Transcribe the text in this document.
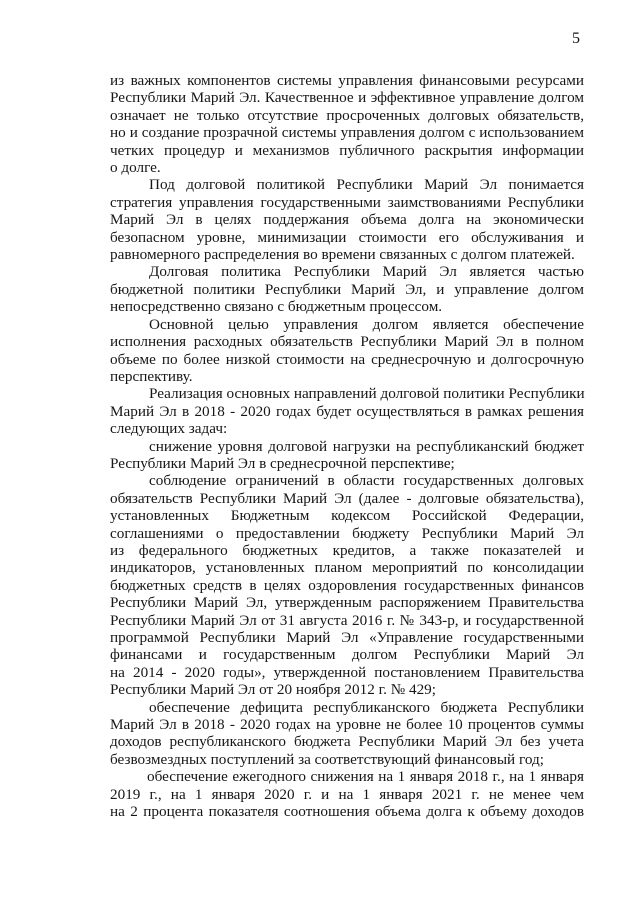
5
из важных компонентов системы управления финансовыми ресурсами
Республики Марий Эл. Качественное и эффективное управление долгом
означает не только отсутствие просроченных долговых обязательств,
но и создание прозрачной системы управления долгом с использованием
четких процедур и механизмов публичного раскрытия информации
о долге.
Под долговой политикой Республики Марий Эл понимается
стратегия управления государственными заимствованиями Республики
Марий Эл в целях поддержания объема долга на экономически
безопасном уровне, минимизации стоимости его обслуживания и
равномерного распределения во времени связанных с долгом платежей.
Долговая политика Республики Марий Эл является частью
бюджетной политики Республики Марий Эл, и управление долгом
непосредственно связано с бюджетным процессом.
Основной целью управления долгом является обеспечение
исполнения расходных обязательств Республики Марий Эл в полном
объеме по более низкой стоимости на среднесрочную и долгосрочную
перспективу.
Реализация основных направлений долговой политики Республики
Марий Эл в 2018 - 2020 годах будет осуществляться в рамках решения
следующих задач:
снижение уровня долговой нагрузки на республиканский бюджет
Республики Марий Эл в среднесрочной перспективе;
соблюдение ограничений в области государственных долговых
обязательств Республики Марий Эл (далее - долговые обязательства),
установленных Бюджетным кодексом Российской Федерации,
соглашениями о предоставлении бюджету Республики Марий Эл
из федерального бюджетных кредитов, а также показателей и
индикаторов, установленных планом мероприятий по консолидации
бюджетных средств в целях оздоровления государственных финансов
Республики Марий Эл, утвержденным распоряжением Правительства
Республики Марий Эл от 31 августа 2016 г. № 343-р, и государственной
программой Республики Марий Эл «Управление государственными
финансами и государственным долгом Республики Марий Эл
на 2014 - 2020 годы», утвержденной постановлением Правительства
Республики Марий Эл от 20 ноября 2012 г. № 429;
обеспечение дефицита республиканского бюджета Республики
Марий Эл в 2018 - 2020 годах на уровне не более 10 процентов суммы
доходов республиканского бюджета Республики Марий Эл без учета
безвозмездных поступлений за соответствующий финансовый год;
обеспечение ежегодного снижения на 1 января 2018 г., на 1 января
2019 г., на 1 января 2020 г. и на 1 января 2021 г. не менее чем
на 2 процента показателя соотношения объема долга к объему доходов
